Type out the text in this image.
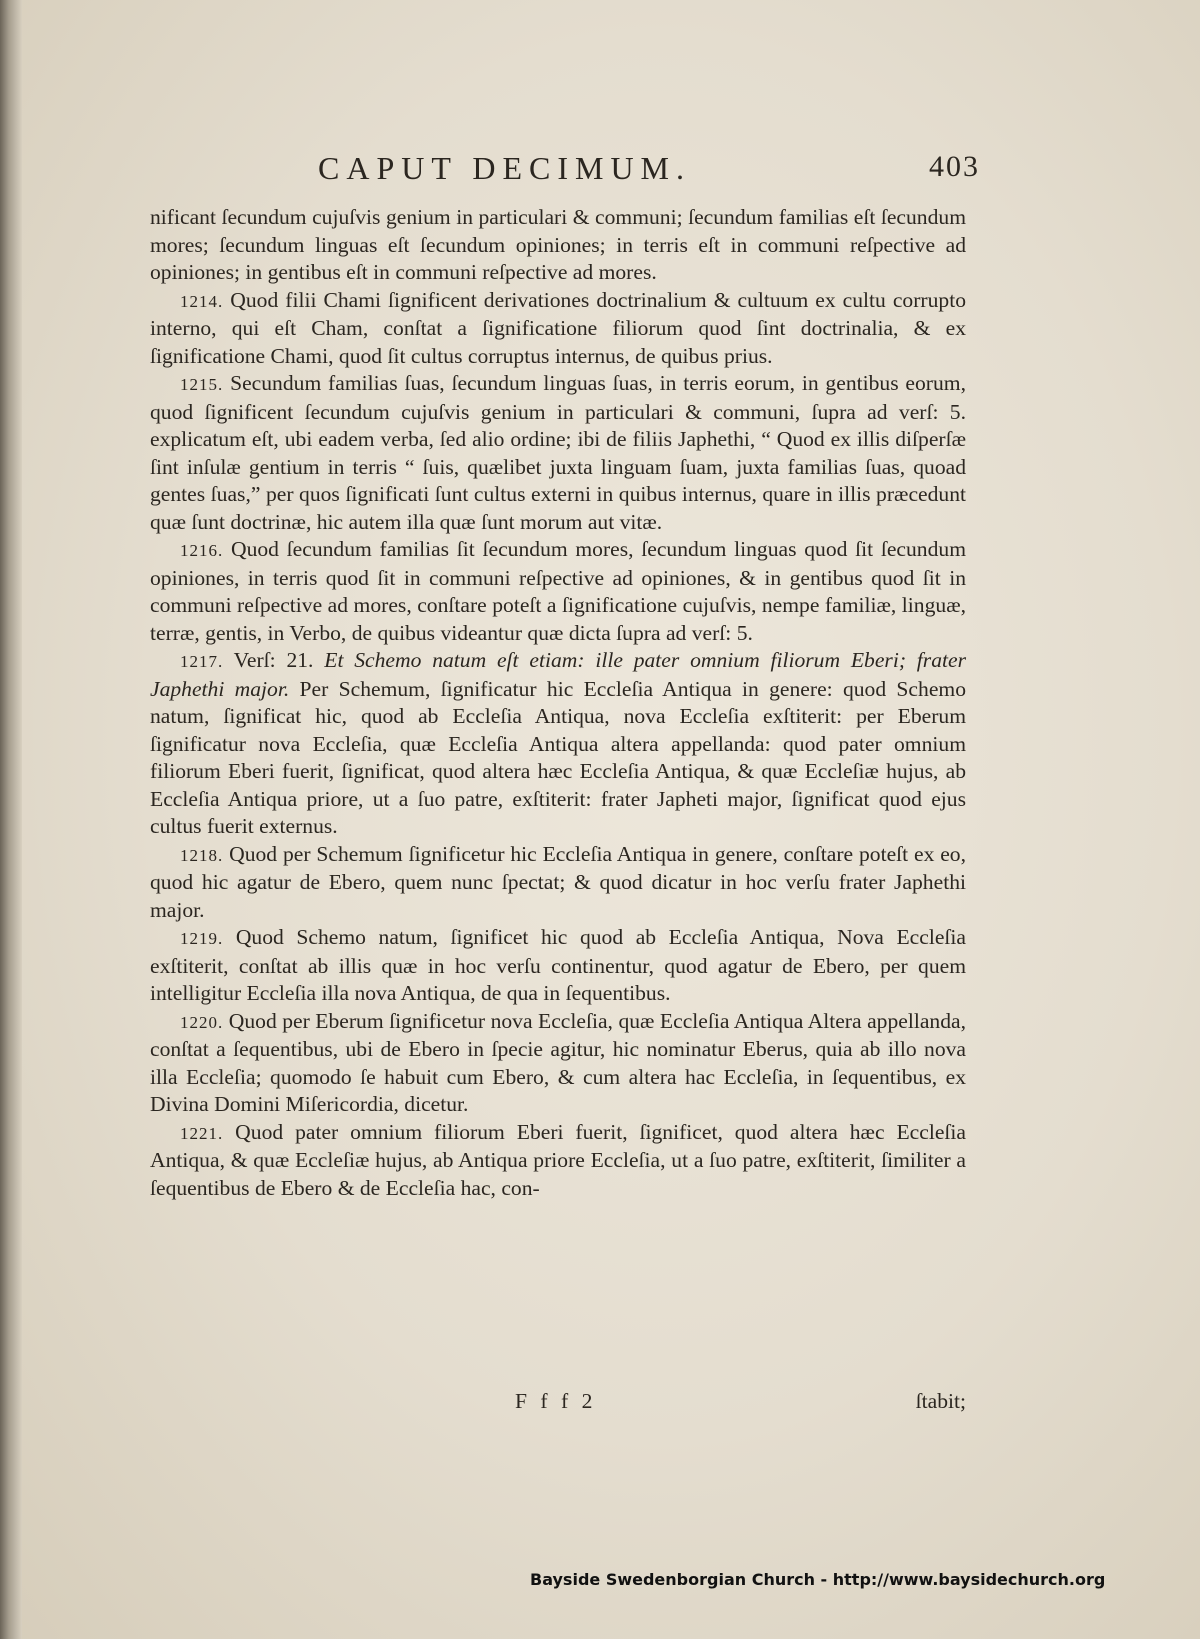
CAPUT DECIMUM.	403

nificant ſecundum cujuſvis genium in particulari & communi; ſecundum familias eſt ſecundum mores; ſecundum linguas eſt ſecundum opiniones; in terris eſt in communi reſpective ad opiniones; in gentibus eſt in communi reſpective ad mores.

1214. Quod filii Chami ſignificent derivationes doctrinalium & cultuum ex cultu corrupto interno, qui eſt Cham, conſtat a ſignificatione filiorum quod ſint doctrinalia, & ex ſignificatione Chami, quod ſit cultus corruptus internus, de quibus prius.

1215. Secundum familias ſuas, ſecundum linguas ſuas, in terris eorum, in gentibus eorum, quod ſignificent ſecundum cujuſvis genium in particulari & communi, ſupra ad verſ: 5. explicatum eſt, ubi eadem verba, ſed alio ordine; ibi de filiis Japhethi, “ Quod ex illis diſperſæ ſint inſulæ gentium in terris “ ſuis, quælibet juxta linguam ſuam, juxta familias ſuas, quoad gentes ſuas,” per quos ſignificati ſunt cultus externi in quibus internus, quare in illis præcedunt quæ ſunt doctrinæ, hic autem illa quæ ſunt morum aut vitæ.

1216. Quod ſecundum familias ſit ſecundum mores, ſecundum linguas quod ſit ſecundum opiniones, in terris quod ſit in communi reſpective ad opiniones, & in gentibus quod ſit in communi reſpective ad mores, conſtare poteſt a ſignificatione cujuſvis, nempe familiæ, linguæ, terræ, gentis, in Verbo, de quibus videantur quæ dicta ſupra ad verſ: 5.

1217. Verſ: 21. Et Schemo natum eſt etiam: ille pater omnium filiorum Eberi; frater Japhethi major. Per Schemum, ſignificatur hic Eccleſia Antiqua in genere: quod Schemo natum, ſignificat hic, quod ab Eccleſia Antiqua, nova Eccleſia exſtiterit: per Eberum ſignificatur nova Eccleſia, quæ Eccleſia Antiqua altera appellanda: quod pater omnium filiorum Eberi fuerit, ſignificat, quod altera hæc Eccleſia Antiqua, & quæ Eccleſiæ hujus, ab Eccleſia Antiqua priore, ut a ſuo patre, exſtiterit: frater Japheti major, ſignificat quod ejus cultus fuerit externus.

1218. Quod per Schemum ſignificetur hic Eccleſia Antiqua in genere, conſtare poteſt ex eo, quod hic agatur de Ebero, quem nunc ſpectat; & quod dicatur in hoc verſu frater Japhethi major.

1219. Quod Schemo natum, ſignificet hic quod ab Eccleſia Antiqua, Nova Eccleſia exſtiterit, conſtat ab illis quæ in hoc verſu continentur, quod agatur de Ebero, per quem intelligitur Eccleſia illa nova Antiqua, de qua in ſequentibus.

1220. Quod per Eberum ſignificetur nova Eccleſia, quæ Eccleſia Antiqua Altera appellanda, conſtat a ſequentibus, ubi de Ebero in ſpecie agitur, hic nominatur Eberus, quia ab illo nova illa Eccleſia; quomodo ſe habuit cum Ebero, & cum altera hac Eccleſia, in ſequentibus, ex Divina Domini Miſericordia, dicetur.

1221. Quod pater omnium filiorum Eberi fuerit, ſignificet, quod altera hæc Eccleſia Antiqua, & quæ Eccleſiæ hujus, ab Antiqua priore Eccleſia, ut a ſuo patre, exſtiterit, ſimiliter a ſequentibus de Ebero & de Eccleſia hac, con-

F f f 2	ſtabit;
Bayside Swedenborgian Church - http://www.baysidechurch.org
